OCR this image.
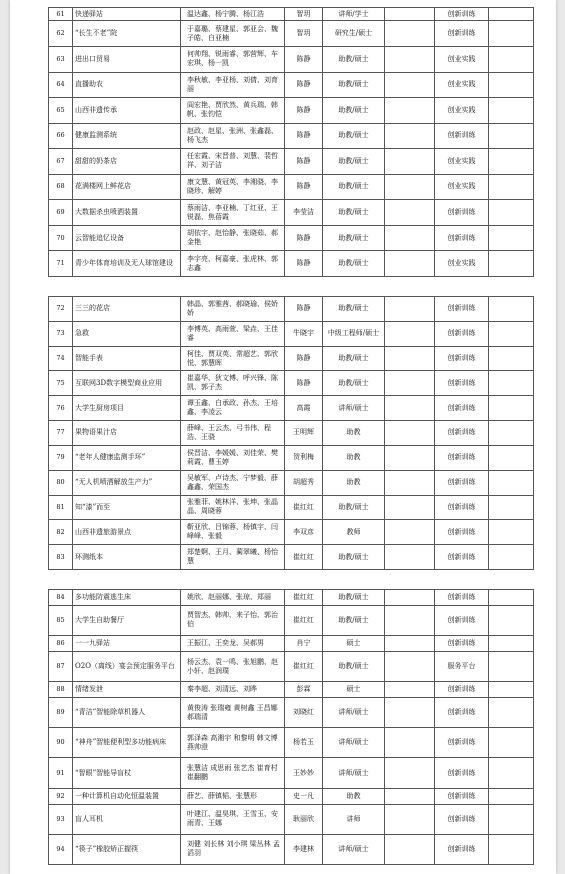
61	快递驿站	温达鑫、杨宁腾、杨江浩	智玥	讲师/学士		创新训练	
62	“长生不老”院	于嘉璐、蔡建星、郭亚会、魏子皓、白亚楠	智玥	研究生/硕士		创新训练	
63	进出口贸易	何帅翔、锐雨睿、郭营辉、车宏琪、杨一凯	陈静	助教/硕士		创业实践	
64	直播助农	李秋敏、李亚杨、刘倩、刘育丽	陈静	助教/硕士		创业实践	
65	山西非遗传承	阎宏艳、贾欣然、黄兵瑞、韩帆、张钧恺	陈静	助教/硕士		创业实践	
66	健康监测系统	赵政、赵星、张洲、张鑫磊、杨飞杰	陈静	助教/硕士		创新训练	
67	甜甜的奶茶店	任宏霞、宋晋普、刘慧、裴哲祥、刘子洁	陈静	助教/硕士		创业实践	
68	花满楼网上鲜花店	康文慧、黄冠英、李湘骁、李晓珍、解婷	陈静	助教/硕士		创业实践	
69	大数据杀虫喷洒装置	蔡雨洁、李亚楠、丁红亚、王锐磊、焦蓓霞	李莹洁	助教/硕士		创新训练	
70	云智能追忆设备	胡依宇、赵怡静、张晓茹、郝金艳	陈静	助教/硕士		创新训练	
71	青少年体育培训及无人球馆建设	李宇亮、柯嘉豪、张虎林、郭志鑫	陈静	助教/硕士		创业实践	
72	三三的花店	韩晶、郭雅茜、郝晓瑜、侯娇娇	陈静	助教/硕士		创新训练	
73	急救	李博英、高雨萱、梁垚、王佳睿	牛晓宇	中级工程师/硕士		创新训练	
74	智能手表	柯佳、贾双英、常超艺、郭欣悦、郭慧晖	陈静	助教/硕士		创新训练	
75	互联网3D数字模型商业应用	崔嘉华、狄文博、呼兴锋、陈凯、郭子杰	陈静	助教/硕士		创新训练	
76	大学生厨房项目	谭玉鑫、白承政、孙杰、王培鑫、李凌云	高霞	讲师/硕士		创新训练	
77	果物语果汁店	薛峰、王云杰、弓书伟、程浩、王骁	王明辉	助教		创新训练	
79	“老年人健康监测手环”	侯晋洁、李媛媛、刘佳荣、樊莉霞、曹玉婷	贺利梅	助教		创新训练	
80	“无人机喷洒解放生产力”	吴敏军、卢诗杰、宁梦毅、薛鑫鑫、荣国杰	胡超秀	助教		创新训练	
81	知“漆”而至	张雅菲、姚林洋、张坤、张晶晶、周晓蓉	崔红红	助教/硕士		创新训练	
82	山西非遗旅游景点	靳亚欣、吕锦蓉、杨镇宇、闫峰峰、张毅	李双彦	教师		创新训练	
83	环测纸本	郑楚婀、王月、蔺翠曦、杨怡慧	崔红红	助教/硕士		创新训练	
84	多功能防震逃生床	姚欣、赵丽娜、张琼、郑丽	崔红红	助教/硕士		创新训练	
85	大学生自助餐厅	贾智杰、韩帅、来子怡、郭治伯	崔红红	助教/硕士		创新训练	
86	一一九驿站	王振江、王奕龙、吴郝男	肖宁	硕士		创新训练	
87	O2O（离线）宴会预定服务平台	杨云杰、袁一鸣、张旭鹏、赵小轩、赵润璞	崔红红	助教/硕士		服务平台	
88	情绪发泄	秦李超、刘清远、刘晔	彭霖	硕士		创新训练	
89	“青洁”智能除草机器人	黄俊涛 张瑞雍 黄树鑫 王昌娜 郝瑞清	刘晓红	讲师/硕士		创新训练	
90	“神舟”智能便利型多功能病床	郭泽森 高湘宇 和黎明 韩文博 燕帅澄	杨若玉	讲师/硕士		创新训练	
91	“智眼”智能导盲杖	张慧洁 成思雨 张艺杰 崔育村 崔翻鹏	王妙妙	讲师/硕士		创新训练	
92	一种计算机自动化恒温装置	薛艺、薛镇韬、张慧形	史一凡	助教		创新训练	
93	盲人耳机	叶建江、温昊琪、王雪玉、安雨青、王娜	耿丽欣	讲师		创新训练	
94	“筷子”橡胶矫正握筷	刘健 刘长林 刘小琪 梁丛林 孟滔羽	李建林	讲师/硕士		创新训练	
